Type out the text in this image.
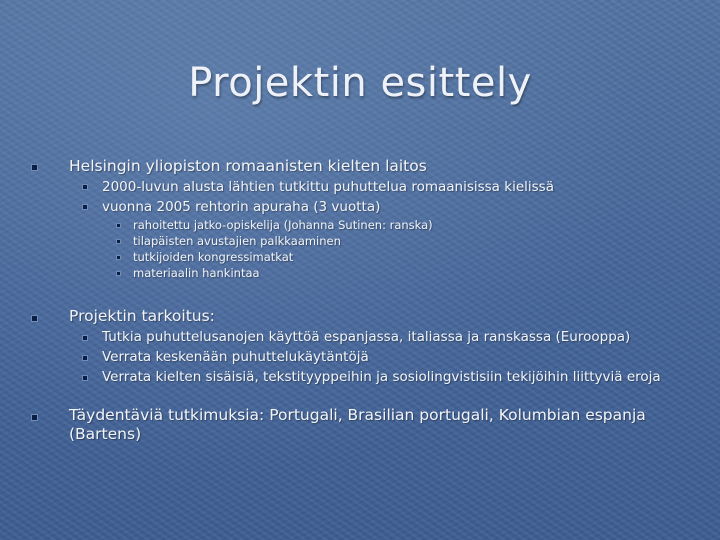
Projektin esittely
Helsingin yliopiston romaanisten kielten laitos
2000-luvun alusta lähtien tutkittu puhuttelua romaanisissa kielissä
vuonna 2005 rehtorin apuraha (3 vuotta)
rahoitettu jatko-opiskelija (Johanna Sutinen: ranska)
tilapäisten avustajien palkkaaminen
tutkijoiden kongressimatkat
materiaalin hankintaa
Projektin tarkoitus:
Tutkia puhuttelusanojen käyttöä espanjassa, italiassa ja ranskassa (Eurooppa)
Verrata keskenään puhuttelukäytäntöjä
Verrata kielten sisäisiä, tekstityyppeihin ja sosiolingvistisiin tekijöihin liittyviä eroja
Täydentäviä tutkimuksia: Portugali, Brasilian portugali, Kolumbian espanja
(Bartens)
